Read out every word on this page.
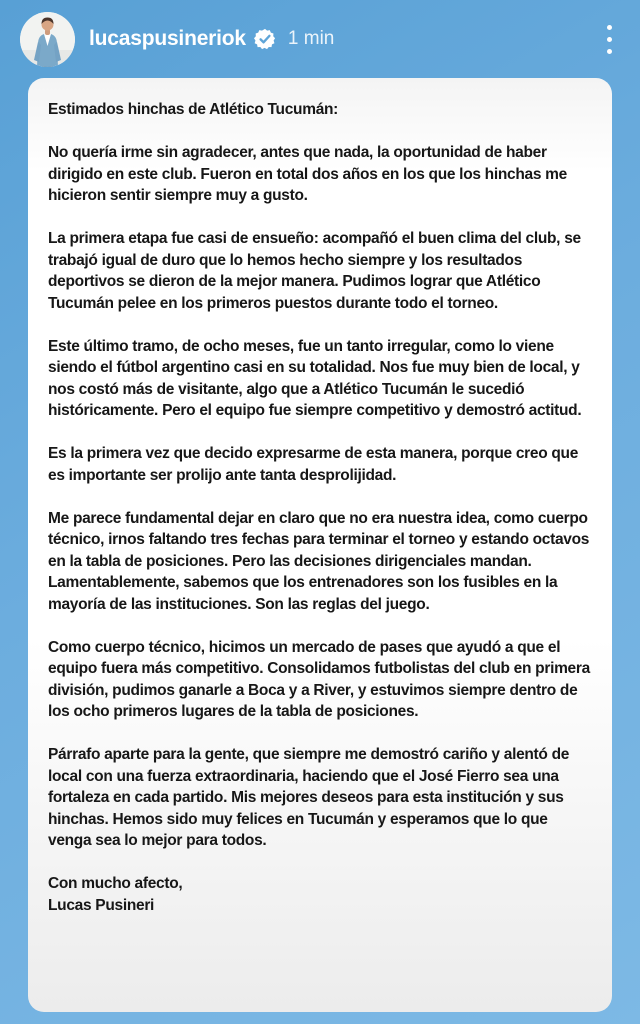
lucaspusineriok 1 min

Estimados hinchas de Atlético Tucumán:

No quería irme sin agradecer, antes que nada, la oportunidad de haber dirigido en este club. Fueron en total dos años en los que los hinchas me hicieron sentir siempre muy a gusto.

La primera etapa fue casi de ensueño: acompañó el buen clima del club, se trabajó igual de duro que lo hemos hecho siempre y los resultados deportivos se dieron de la mejor manera. Pudimos lograr que Atlético Tucumán pelee en los primeros puestos durante todo el torneo.

Este último tramo, de ocho meses, fue un tanto irregular, como lo viene siendo el fútbol argentino casi en su totalidad. Nos fue muy bien de local, y nos costó más de visitante, algo que a Atlético Tucumán le sucedió históricamente. Pero el equipo fue siempre competitivo y demostró actitud.

Es la primera vez que decido expresarme de esta manera, porque creo que es importante ser prolijo ante tanta desprolijidad.

Me parece fundamental dejar en claro que no era nuestra idea, como cuerpo técnico, irnos faltando tres fechas para terminar el torneo y estando octavos en la tabla de posiciones. Pero las decisiones dirigenciales mandan. Lamentablemente, sabemos que los entrenadores son los fusibles en la mayoría de las instituciones. Son las reglas del juego.

Como cuerpo técnico, hicimos un mercado de pases que ayudó a que el equipo fuera más competitivo. Consolidamos futbolistas del club en primera división, pudimos ganarle a Boca y a River, y estuvimos siempre dentro de los ocho primeros lugares de la tabla de posiciones.

Párrafo aparte para la gente, que siempre me demostró cariño y alentó de local con una fuerza extraordinaria, haciendo que el José Fierro sea una fortaleza en cada partido. Mis mejores deseos para esta institución y sus hinchas. Hemos sido muy felices en Tucumán y esperamos que lo que venga sea lo mejor para todos.

Con mucho afecto,
Lucas Pusineri
